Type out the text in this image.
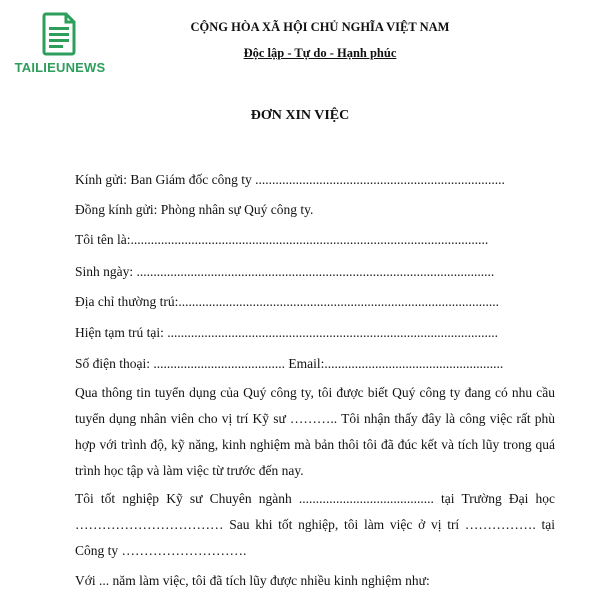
TAILIEUNEWS
CỘNG HÒA XÃ HỘI CHỦ NGHĨA VIỆT NAM
Độc lập - Tự do - Hạnh phúc
ĐƠN XIN VIỆC
Kính gửi: Ban Giám đốc công ty ..........................................................................
Đồng kính gửi: Phòng nhân sự Quý công ty.
Tôi tên là:..........................................................................................................
Sinh ngày: ..........................................................................................................
Địa chỉ thường trú:...............................................................................................
Hiện tạm trú tại: ..................................................................................................
Số điện thoại: ....................................... Email:.....................................................
Qua thông tin tuyển dụng của Quý công ty, tôi được biết Quý công ty đang có nhu cầu tuyển dụng nhân viên cho vị trí Kỹ sư ……….. Tôi nhận thấy đây là công việc rất phù hợp với trình độ, kỹ năng, kinh nghiệm mà bản thôi tôi đã đúc kết và tích lũy trong quá trình học tập và làm việc từ trước đến nay.
Tôi tốt nghiệp Kỹ sư Chuyên ngành ........................................ tại Trường Đại học …………………………… Sau khi tốt nghiệp, tôi làm việc ở vị trí ……………. tại Công ty ……………………….
Với ... năm làm việc, tôi đã tích lũy được nhiều kinh nghiệm như:
